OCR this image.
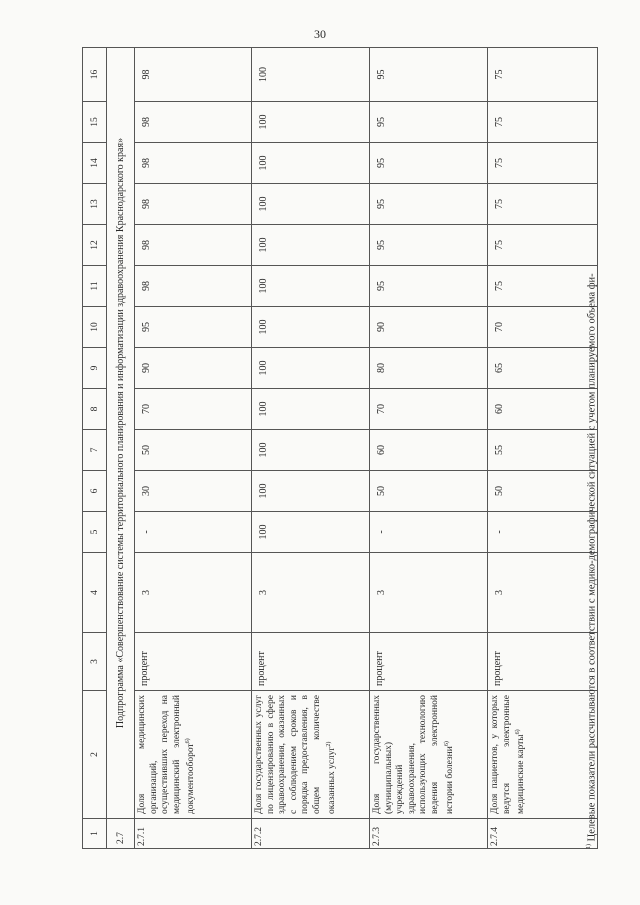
30
1	2	3	4	5	6	7	8	9	10	11	12	13	14	15	16
2.7	Подпрограмма «Совершенствование системы территориального планирования и информатизации здравоохранения Краснодарского края»														
2.7.1	Доля медицинских организаций, осуществивших переход на медицинский электронный документооборот$^{6)}$	процент	3	-	30	50	70	90	95	98	98	98	98	98	98
2.7.2	Доля государственных услуг по лицензированию в сфере здравоохранения, оказанных с соблюдением сроков и порядка предоставления, в общем количестве оказанных услуг$^{2)}$	процент	3	100	100	100	100	100	100	100	100	100	100	100	100
2.7.3	Доля государственных (муниципальных) учреждений здравоохранения, использующих технологию ведения электронной истории болезни$^{6)}$	процент	3	-	50	60	70	80	90	95	95	95	95	95	95
2.7.4	Доля пациентов, у которых ведутся электронные медицинские карты$^{6)}$	процент	3	-	50	55	60	65	70	75	75	75	75	75	75
$^{1)}$ Целевые показатели рассчитываются в соответствии с медико-демографической ситуацией с учетом планируемого объема фи-
